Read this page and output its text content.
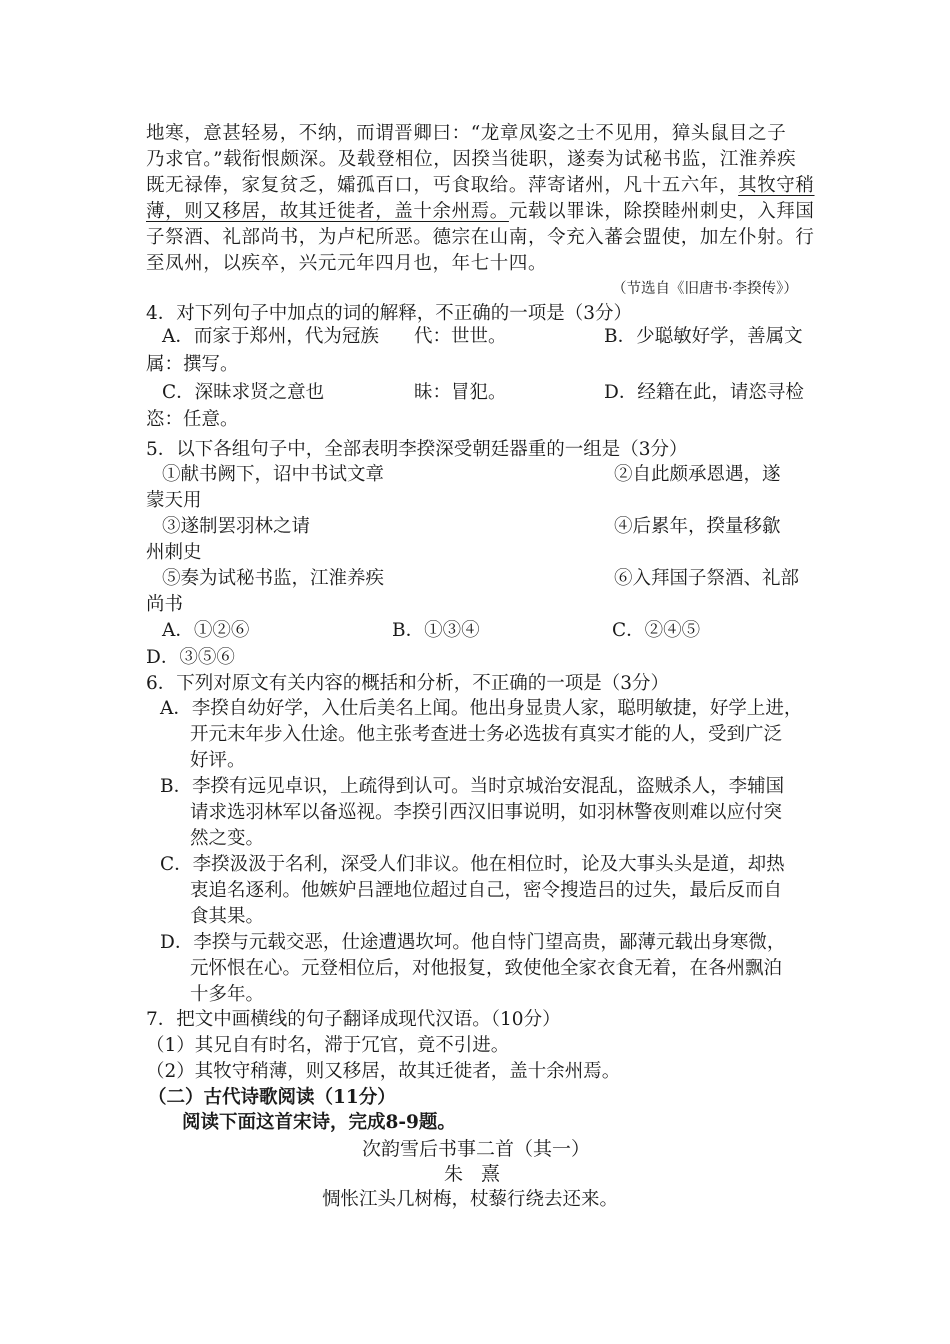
地寒，意甚轻易，不纳，而谓晋卿曰：“龙章凤姿之士不见用，獐头鼠目之子
乃求官。”载衔恨颇深。及载登相位，因揆当徙职，遂奏为试秘书监，江淮养疾
既无禄俸，家复贫乏，孀孤百口，丐食取给。萍寄诸州，凡十五六年，其牧守稍
薄，则又移居，故其迁徙者，盖十余州焉。元载以罪诛，除揆睦州刺史，入拜国
子祭酒、礼部尚书，为卢杞所恶。德宗在山南，令充入蕃会盟使，加左仆射。行
至凤州，以疾卒，兴元元年四月也，年七十四。
（节选自《旧唐书·李揆传》）
4．对下列句子中加点的词的解释，不正确的一项是（3分）
A．而家于郑州，代为冠族 代：世世。	B．少聪敏好学，善属文
属：撰写。
C．深昧求贤之意也	昧：冒犯。	D．经籍在此，请恣寻检
恣：任意。
5．以下各组句子中，全部表明李揆深受朝廷器重的一组是（3分）
①献书阙下，诏中书试文章	②自此颇承恩遇，遂
蒙天用
③遂制罢羽林之请	④后累年，揆量移歙
州刺史
⑤奏为试秘书监，江淮养疾	⑥入拜国子祭酒、礼部
尚书
A．①②⑥	B．①③④	C．②④⑤
D．③⑤⑥
6．下列对原文有关内容的概括和分析，不正确的一项是（3分）
A．李揆自幼好学，入仕后美名上闻。他出身显贵人家，聪明敏捷，好学上进，
开元末年步入仕途。他主张考查进士务必选拔有真实才能的人，受到广泛
好评。
B．李揆有远见卓识，上疏得到认可。当时京城治安混乱，盗贼杀人，李辅国
请求选羽林军以备巡视。李揆引西汉旧事说明，如羽林警夜则难以应付突
然之变。
C．李揆汲汲于名利，深受人们非议。他在相位时，论及大事头头是道，却热
衷追名逐利。他嫉妒吕諲地位超过自己，密令搜造吕的过失，最后反而自
食其果。
D．李揆与元载交恶，仕途遭遇坎坷。他自恃门望高贵，鄙薄元载出身寒微，
元怀恨在心。元登相位后，对他报复，致使他全家衣食无着，在各州飘泊
十多年。
7．把文中画横线的句子翻译成现代汉语。（10分）
（1）其兄自有时名，滞于冗官，竟不引进。
（2）其牧守稍薄，则又移居，故其迁徙者，盖十余州焉。
（二）古代诗歌阅读（11分）
阅读下面这首宋诗，完成8-9题。
次韵雪后书事二首（其一）
朱熹
惆怅江头几树梅，杖藜行绕去还来。
